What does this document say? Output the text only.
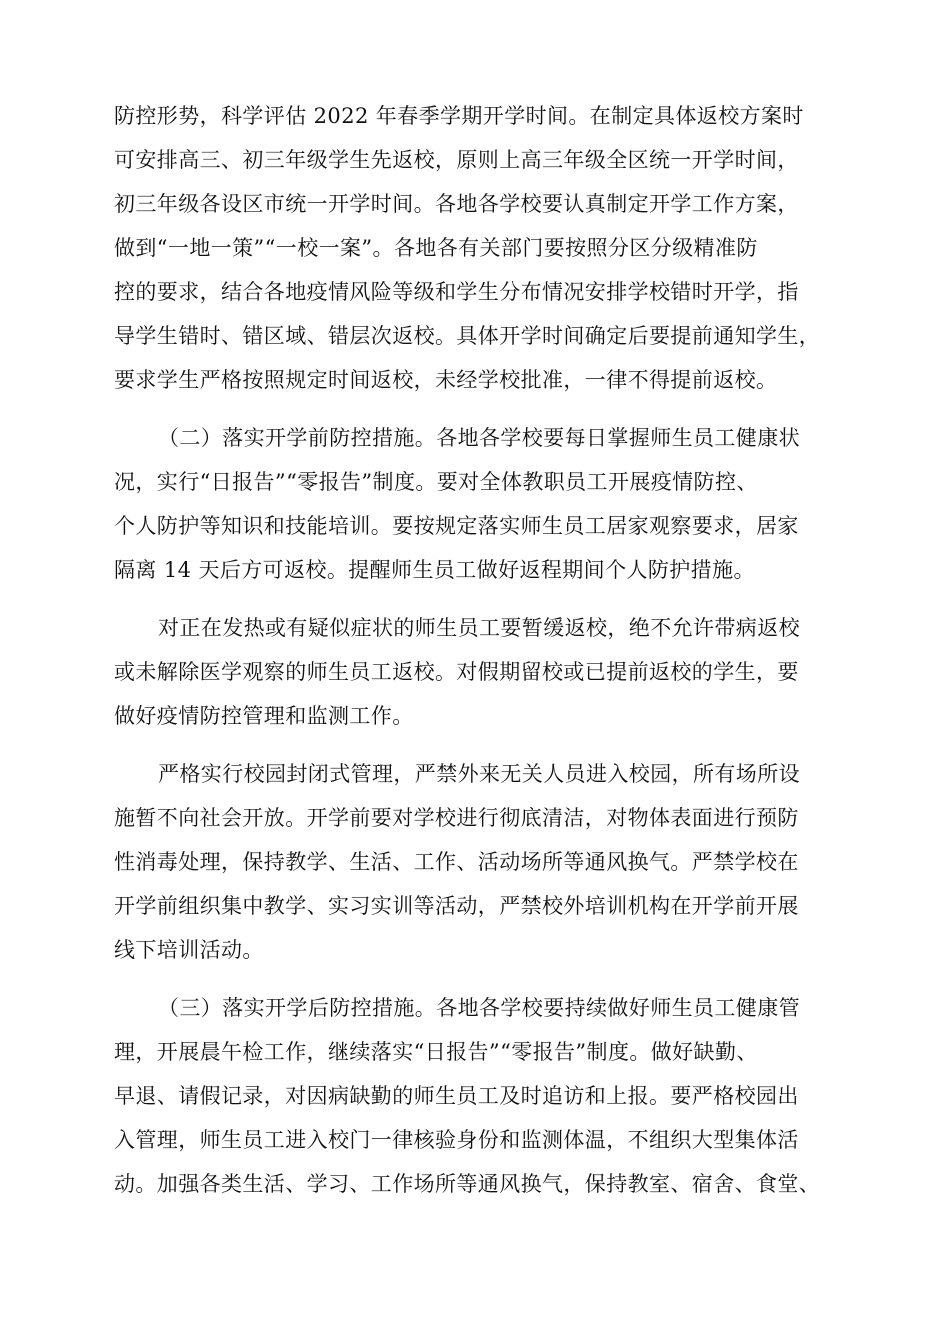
防控形势，科学评估 2022 年春季学期开学时间。在制定具体返校方案时
可安排高三、初三年级学生先返校，原则上高三年级全区统一开学时间，
初三年级各设区市统一开学时间。各地各学校要认真制定开学工作方案，
做到“一地一策”“一校一案”。各地各有关部门要按照分区分级精准防
控的要求，结合各地疫情风险等级和学生分布情况安排学校错时开学，指
导学生错时、错区域、错层次返校。具体开学时间确定后要提前通知学生，
要求学生严格按照规定时间返校，未经学校批准，一律不得提前返校。
（二）落实开学前防控措施。各地各学校要每日掌握师生员工健康状
况，实行“日报告”“零报告”制度。要对全体教职员工开展疫情防控、
个人防护等知识和技能培训。要按规定落实师生员工居家观察要求，居家
隔离 14 天后方可返校。提醒师生员工做好返程期间个人防护措施。
对正在发热或有疑似症状的师生员工要暂缓返校，绝不允许带病返校
或未解除医学观察的师生员工返校。对假期留校或已提前返校的学生，要
做好疫情防控管理和监测工作。
严格实行校园封闭式管理，严禁外来无关人员进入校园，所有场所设
施暂不向社会开放。开学前要对学校进行彻底清洁，对物体表面进行预防
性消毒处理，保持教学、生活、工作、活动场所等通风换气。严禁学校在
开学前组织集中教学、实习实训等活动，严禁校外培训机构在开学前开展
线下培训活动。
（三）落实开学后防控措施。各地各学校要持续做好师生员工健康管
理，开展晨午检工作，继续落实“日报告”“零报告”制度。做好缺勤、
早退、请假记录，对因病缺勤的师生员工及时追访和上报。要严格校园出
入管理，师生员工进入校门一律核验身份和监测体温，不组织大型集体活
动。加强各类生活、学习、工作场所等通风换气，保持教室、宿舍、食堂、
